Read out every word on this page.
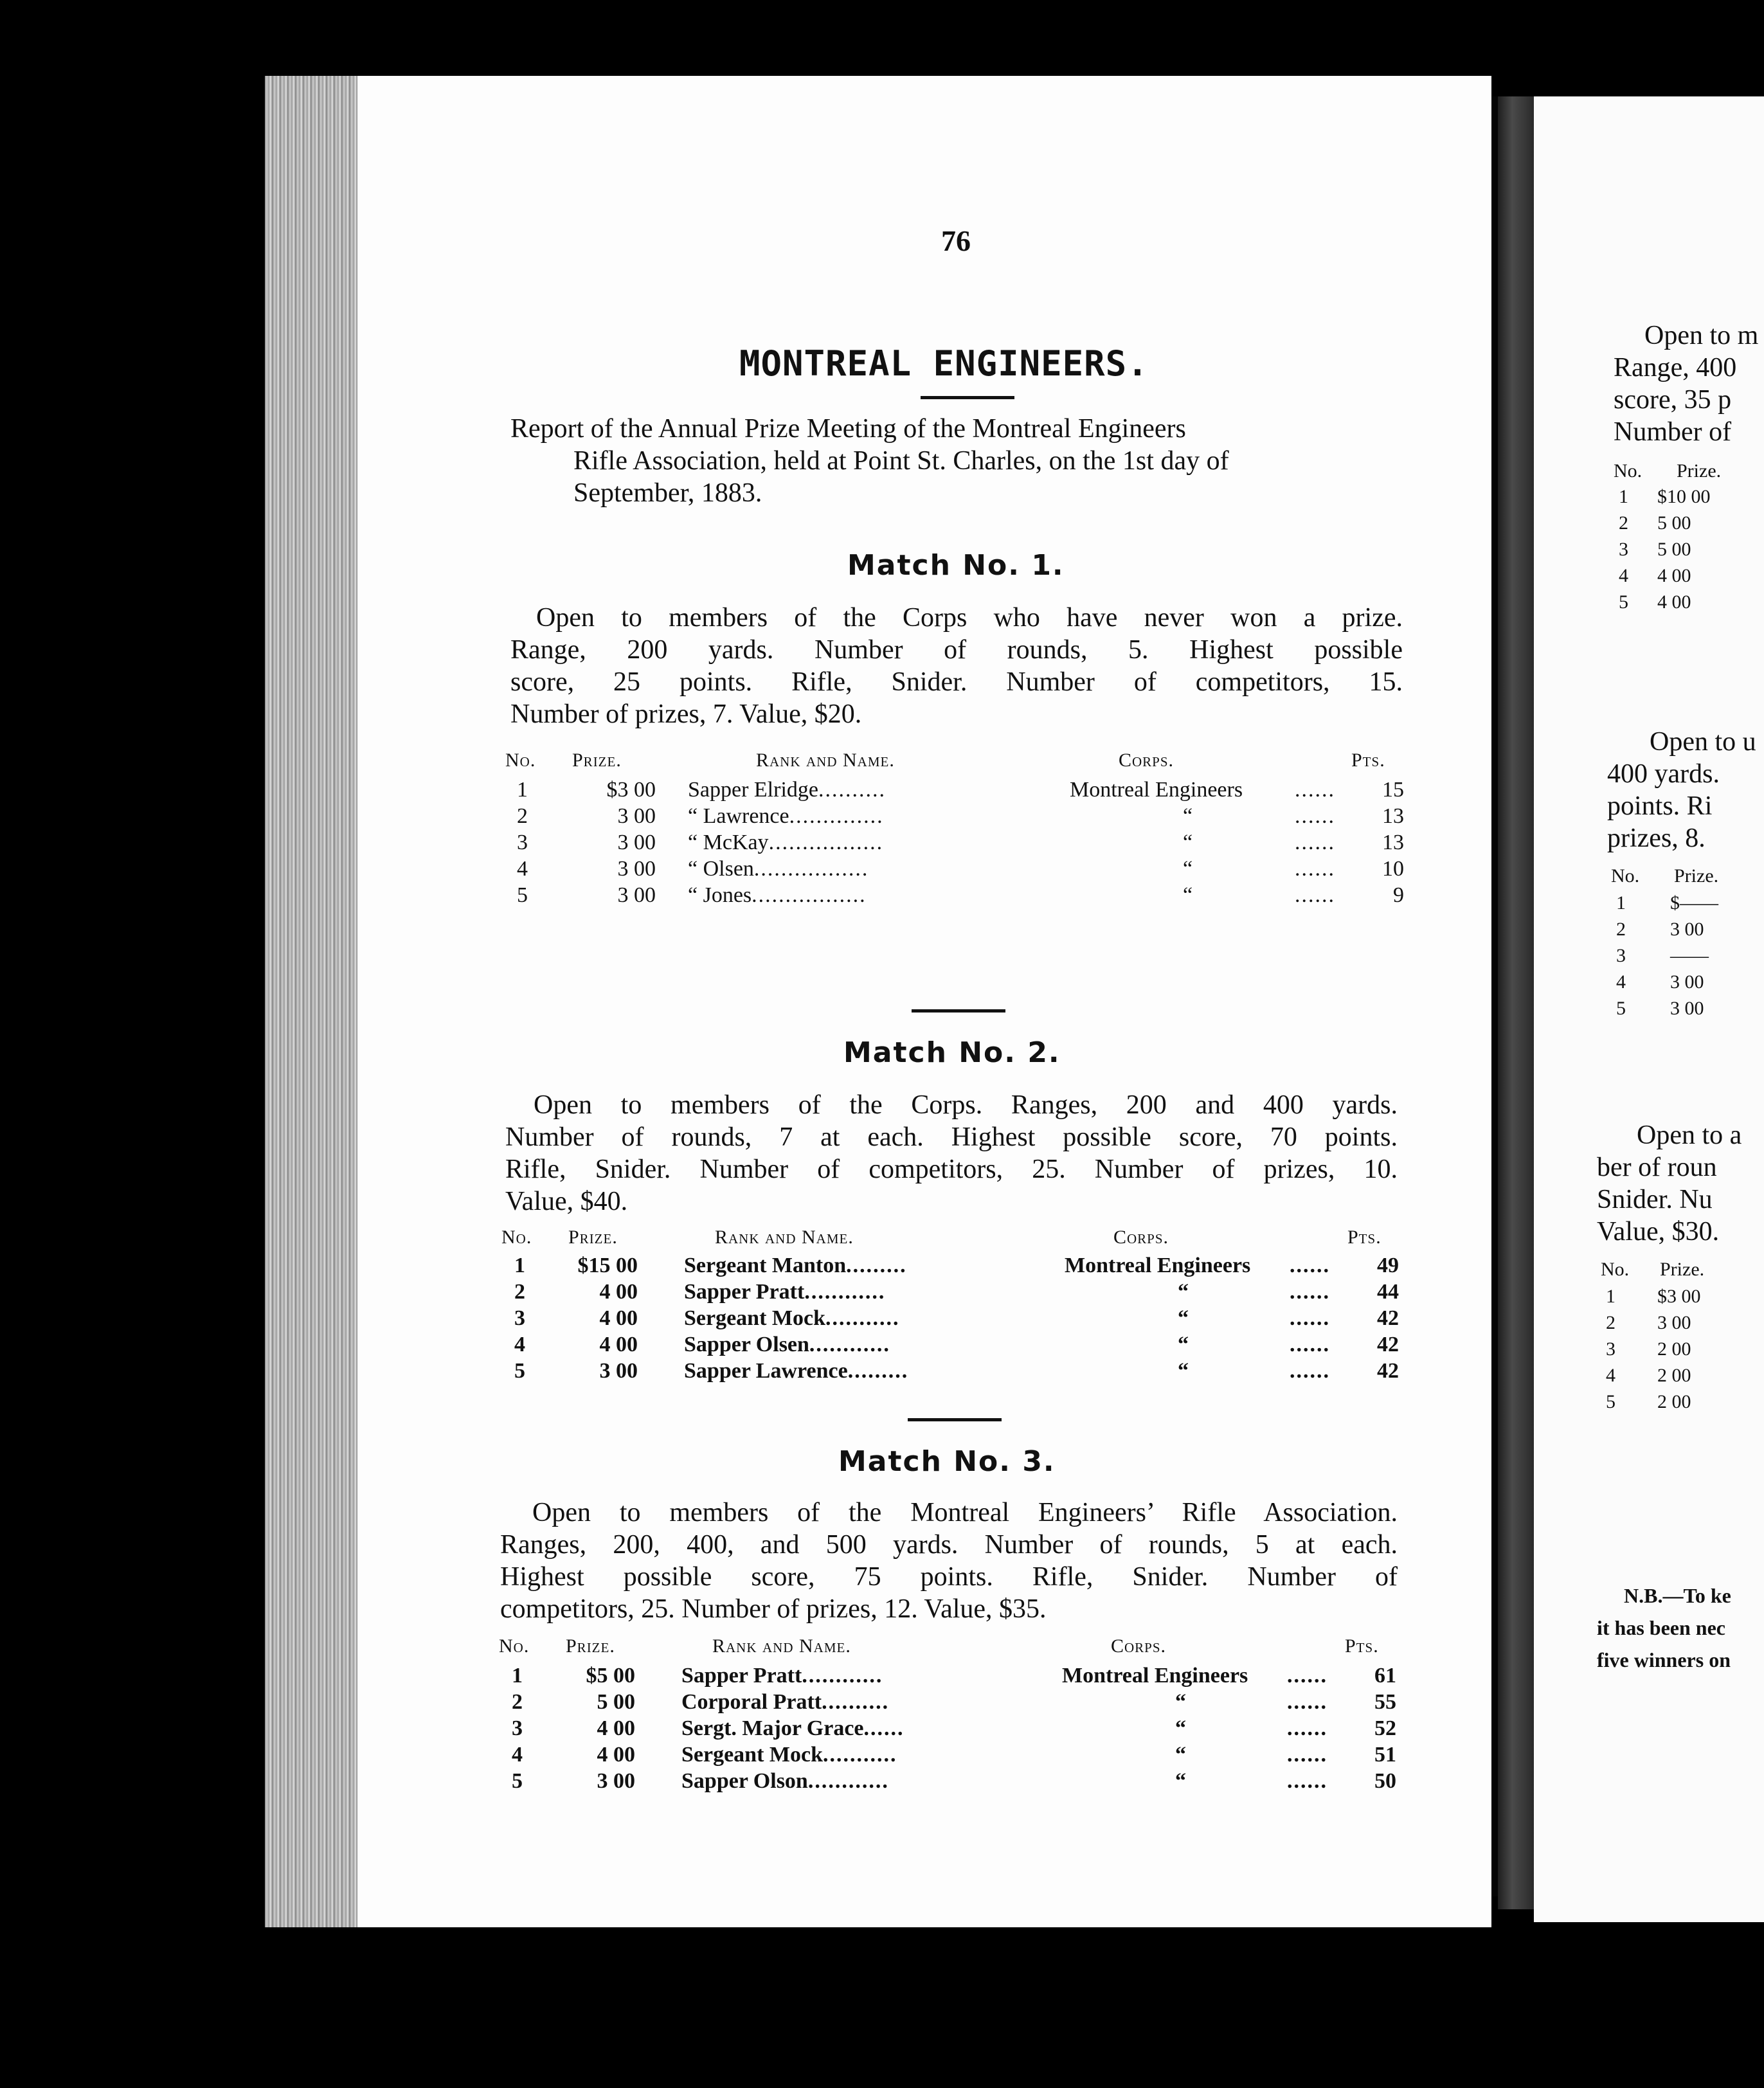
76
MONTREAL ENGINEERS.
Report of the Annual Prize Meeting of the Montreal Engineers
Rifle Association, held at Point St. Charles, on the 1st day of
September, 1883.
Match No. 1.
Open to members of the Corps who have never won a prize.
Range, 200 yards. Number of rounds, 5. Highest possible
score, 25 points. Rifle, Snider. Number of competitors, 15.
Number of prizes, 7. Value, $20.
No. Prize.	Rank and Name.	Corps.	Pts.
Match No. 2.
Open to members of the Corps. Ranges, 200 and 400 yards.
Number of rounds, 7 at each. Highest possible score, 70 points.
Rifle, Snider. Number of competitors, 25. Number of prizes, 10.
Value, $40.
No. Prize.	Rank and Name.	Corps.	Pts.
Match No. 3.
Open to members of the Montreal Engineers’ Rifle Association.
Ranges, 200, 400, and 500 yards. Number of rounds, 5 at each.
Highest possible score, 75 points. Rifle, Snider. Number of
competitors, 25. Number of prizes, 12. Value, $35.
No. Prize.	Rank and Name.	Corps.	Pts.
1	$3 00 Sapper Elridge..........	Montreal Engineers ......	15
2	3 00 “ Lawrence..............	“	......	13
3	3 00 “ McKay.................	“	......	13
4	3 00 “ Olsen.................	“	......	10
5	3 00 “ Jones.................	“	......	9
1	$15 00 Sergeant Manton.........	Montreal Engineers ......	49
2	4 00 Sapper Pratt............	“	......	44
3	4 00 Sergeant Mock...........	“	......	42
4	4 00 Sapper Olsen............	“	......	42
5	3 00 Sapper Lawrence.........	“	......	42
1	$5 00 Sapper Pratt............	Montreal Engineers ......	61
2	5 00 Corporal Pratt..........	“	......	55
3	4 00 Sergt. Major Grace......	“	......	52
4	4 00 Sergeant Mock...........	“	......	51
5	3 00 Sapper Olson............	“	......	50
Open to m
Range, 400
score, 35 p
Number of
No. Prize.
Open to u
400 yards.
points. Ri
prizes, 8.
No. Prize.
Open to a
ber of roun
Snider. Nu
Value, $30.
No. Prize.
N.B.—To ke
it has been nec
five winners on
1 $10 00
2 5 00
3 5 00
4 4 00
5 4 00
1 $——
2 3 00
3 ——
4 3 00
5 3 00
1 $3 00
2 3 00
3 2 00
4 2 00
5 2 00
